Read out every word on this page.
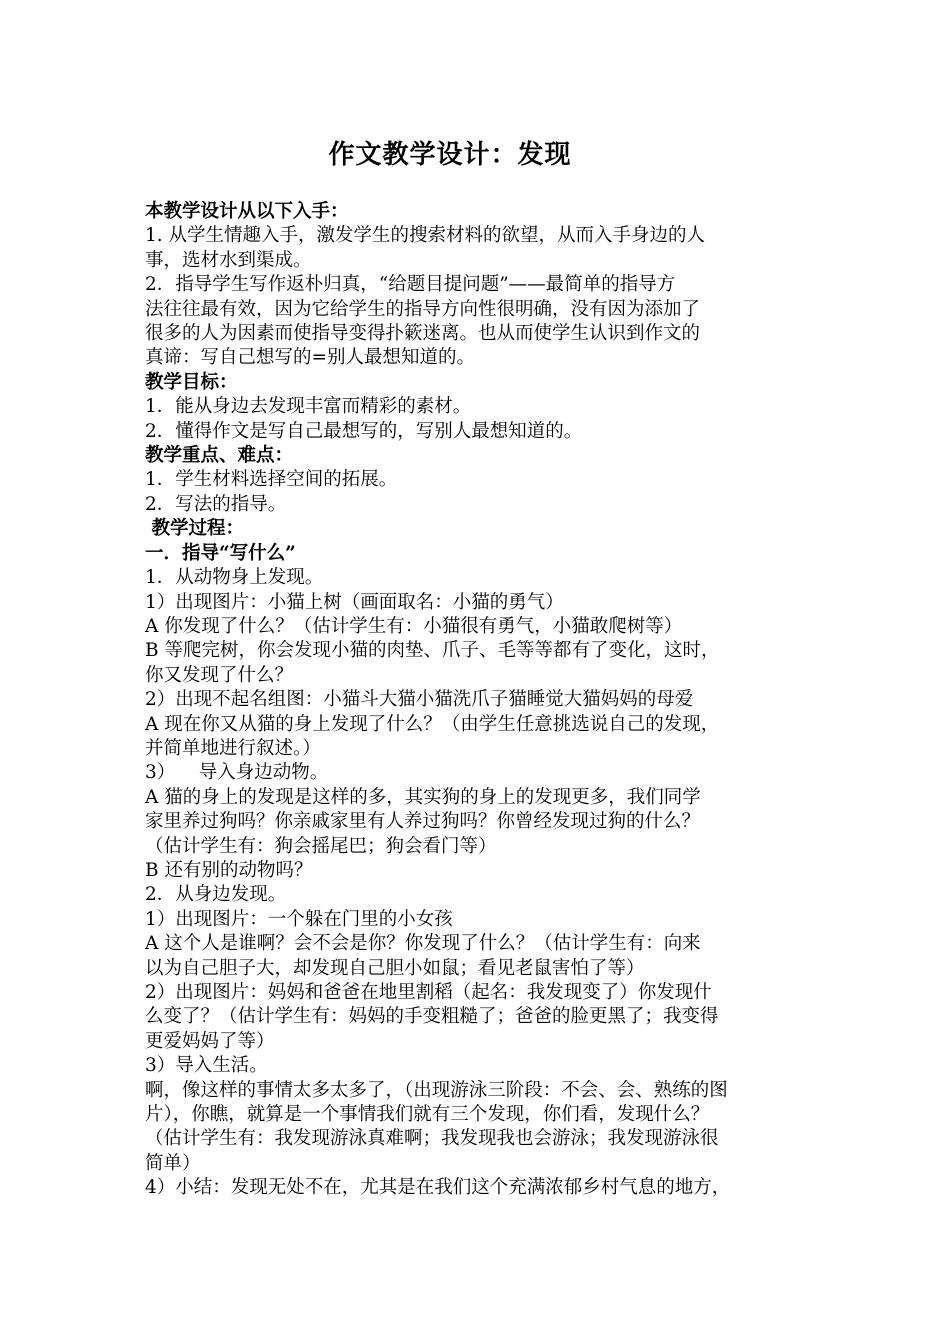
作文教学设计：发现

本教学设计从以下入手：

1. 从学生情趣入手，激发学生的搜索材料的欲望，从而入手身边的人

事，选材水到渠成。

2．指导学生写作返朴归真，“给题目提问题”——最简单的指导方

法往往最有效，因为它给学生的指导方向性很明确，没有因为添加了

很多的人为因素而使指导变得扑簌迷离。也从而使学生认识到作文的

真谛：写自己想写的=别人最想知道的。

教学目标：

1．能从身边去发现丰富而精彩的素材。

2．懂得作文是写自己最想写的，写别人最想知道的。

教学重点、难点：

1．学生材料选择空间的拓展。

2．写法的指导。

教学过程：

一．指导“写什么”

1．从动物身上发现。

1）出现图片：小猫上树（画面取名：小猫的勇气）

A 你发现了什么？（估计学生有：小猫很有勇气，小猫敢爬树等）

B 等爬完树，你会发现小猫的肉垫、爪子、毛等等都有了变化，这时，

你又发现了什么？

2）出现不起名组图：小猫斗大猫小猫洗爪子猫睡觉大猫妈妈的母爱

A 现在你又从猫的身上发现了什么？（由学生任意挑选说自己的发现，

并简单地进行叙述。）

3）    导入身边动物。

A 猫的身上的发现是这样的多，其实狗的身上的发现更多，我们同学

家里养过狗吗？你亲戚家里有人养过狗吗？你曾经发现过狗的什么？

（估计学生有：狗会摇尾巴；狗会看门等）

B 还有别的动物吗？

2．从身边发现。

1）出现图片：一个躲在门里的小女孩

A 这个人是谁啊？会不会是你？你发现了什么？（估计学生有：向来

以为自己胆子大，却发现自己胆小如鼠；看见老鼠害怕了等）

2）出现图片：妈妈和爸爸在地里割稻（起名：我发现变了）你发现什

么变了？（估计学生有：妈妈的手变粗糙了；爸爸的脸更黑了；我变得

更爱妈妈了等）

3）导入生活。

啊，像这样的事情太多太多了，（出现游泳三阶段：不会、会、熟练的图

片），你瞧，就算是一个事情我们就有三个发现，你们看，发现什么？

（估计学生有：我发现游泳真难啊；我发现我也会游泳；我发现游泳很

简单）

4）小结：发现无处不在，尤其是在我们这个充满浓郁乡村气息的地方，
